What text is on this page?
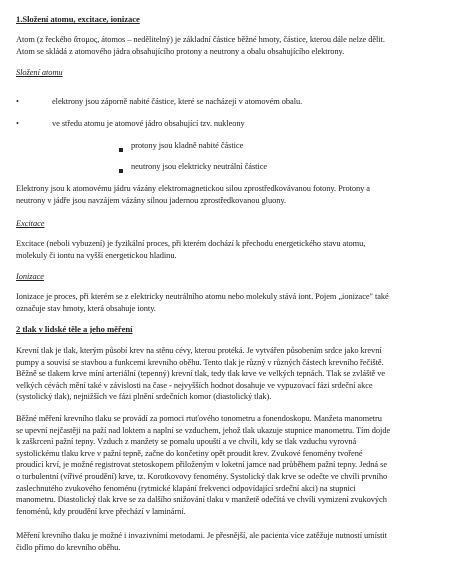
1.Složení atomu, excitace, ionizace
Atom (z řeckého ἄτομος, átomos – nedělitelný) je základní částice běžné hmoty, částice, kterou dále nelze dělit.
Atom se skládá z atomového jádra obsahujícího protony a neutrony a obalu obsahujícího elektrony.
Složení atomu
•	elektrony jsou záporně nabité částice, které se nacházejí v atomovém obalu.
•	ve středu atomu je atomové jádro obsahující tzv. nukleony
protony jsou kladně nabité částice
neutrony jsou elektricky neutrální částice
Elektrony jsou k atomovému jádru vázány elektromagnetickou silou zprostředkovávanou fotony. Protony a
neutrony v jádře jsou navzájem vázány silnou jadernou zprostředkovanou gluony.
Excitace
Excitace (neboli vybuzení) je fyzikální proces, při kterém dochází k přechodu energetického stavu atomu,
molekuly či iontu na vyšší energetickou hladinu.
Ionizace
Ionizace je proces, při kterém se z elektricky neutrálního atomu nebo molekuly stává iont. Pojem „ionizace" také
označuje stav hmoty, která obsahuje ionty.
2 tlak v lidské těle a jeho měření
Krevní tlak je tlak, kterým působí krev na stěnu cévy, kterou protéká. Je vytvářen působením srdce jako krevní
pumpy a souvisí se stavbou a funkcemi krevního oběhu. Tento tlak je různý v různých částech krevního řečiště.
Běžně se tlakem krve míní arteriální (tepenný) krevní tlak, tedy tlak krve ve velkých tepnách. Tlak se zvláště ve
velkých cévách mění také v závislosti na čase - nejvyšších hodnot dosahuje ve vypuzovací fázi srdeční akce
(systolický tlak), nejnižších ve fázi plnění srdečních komor (diastolický tlak).
Běžné měření krevního tlaku se provádí za pomoci rtuťového tonometru a fonendoskopu. Manžeta manometru
se upevní nejčastěji na paží nad loktem a naplní se vzduchem, jehož tlak ukazuje stupnice manometru. Tím dojde
k zaškrcení pažní tepny. Vzduch z manžety se pomalu upouští a ve chvíli, kdy se tlak vzduchu vyrovná
systolickému tlaku krve v pažní tepně, začne do končetiny opět proudit krev. Zvukové fenomény tvořené
proudící krví, je možné registrovat stetoskopem přiloženým v loketní jamce nad průběhem pažní tepny. Jedná se
o turbulentní (vířivé proudění) krve, tz. Korotkovovy fenomény. Systolický tlak krve se odečte ve chvíli prvního
zaslechnutého zvukového fenoménu (rytmické klapání frekvenci odpovídající srdeční akci) na stupnici
manometru. Diastolický tlak krve se za dalšího snižování tlaku v manžetě odečítá ve chvíli vymizení zvukových
fenoménů, kdy proudění krve přechází v laminární.
Měření krevního tlaku je možné i invazivními metodami. Je přesnější, ale pacienta více zatěžuje nutností umístit
čidlo přímo do krevního oběhu.
